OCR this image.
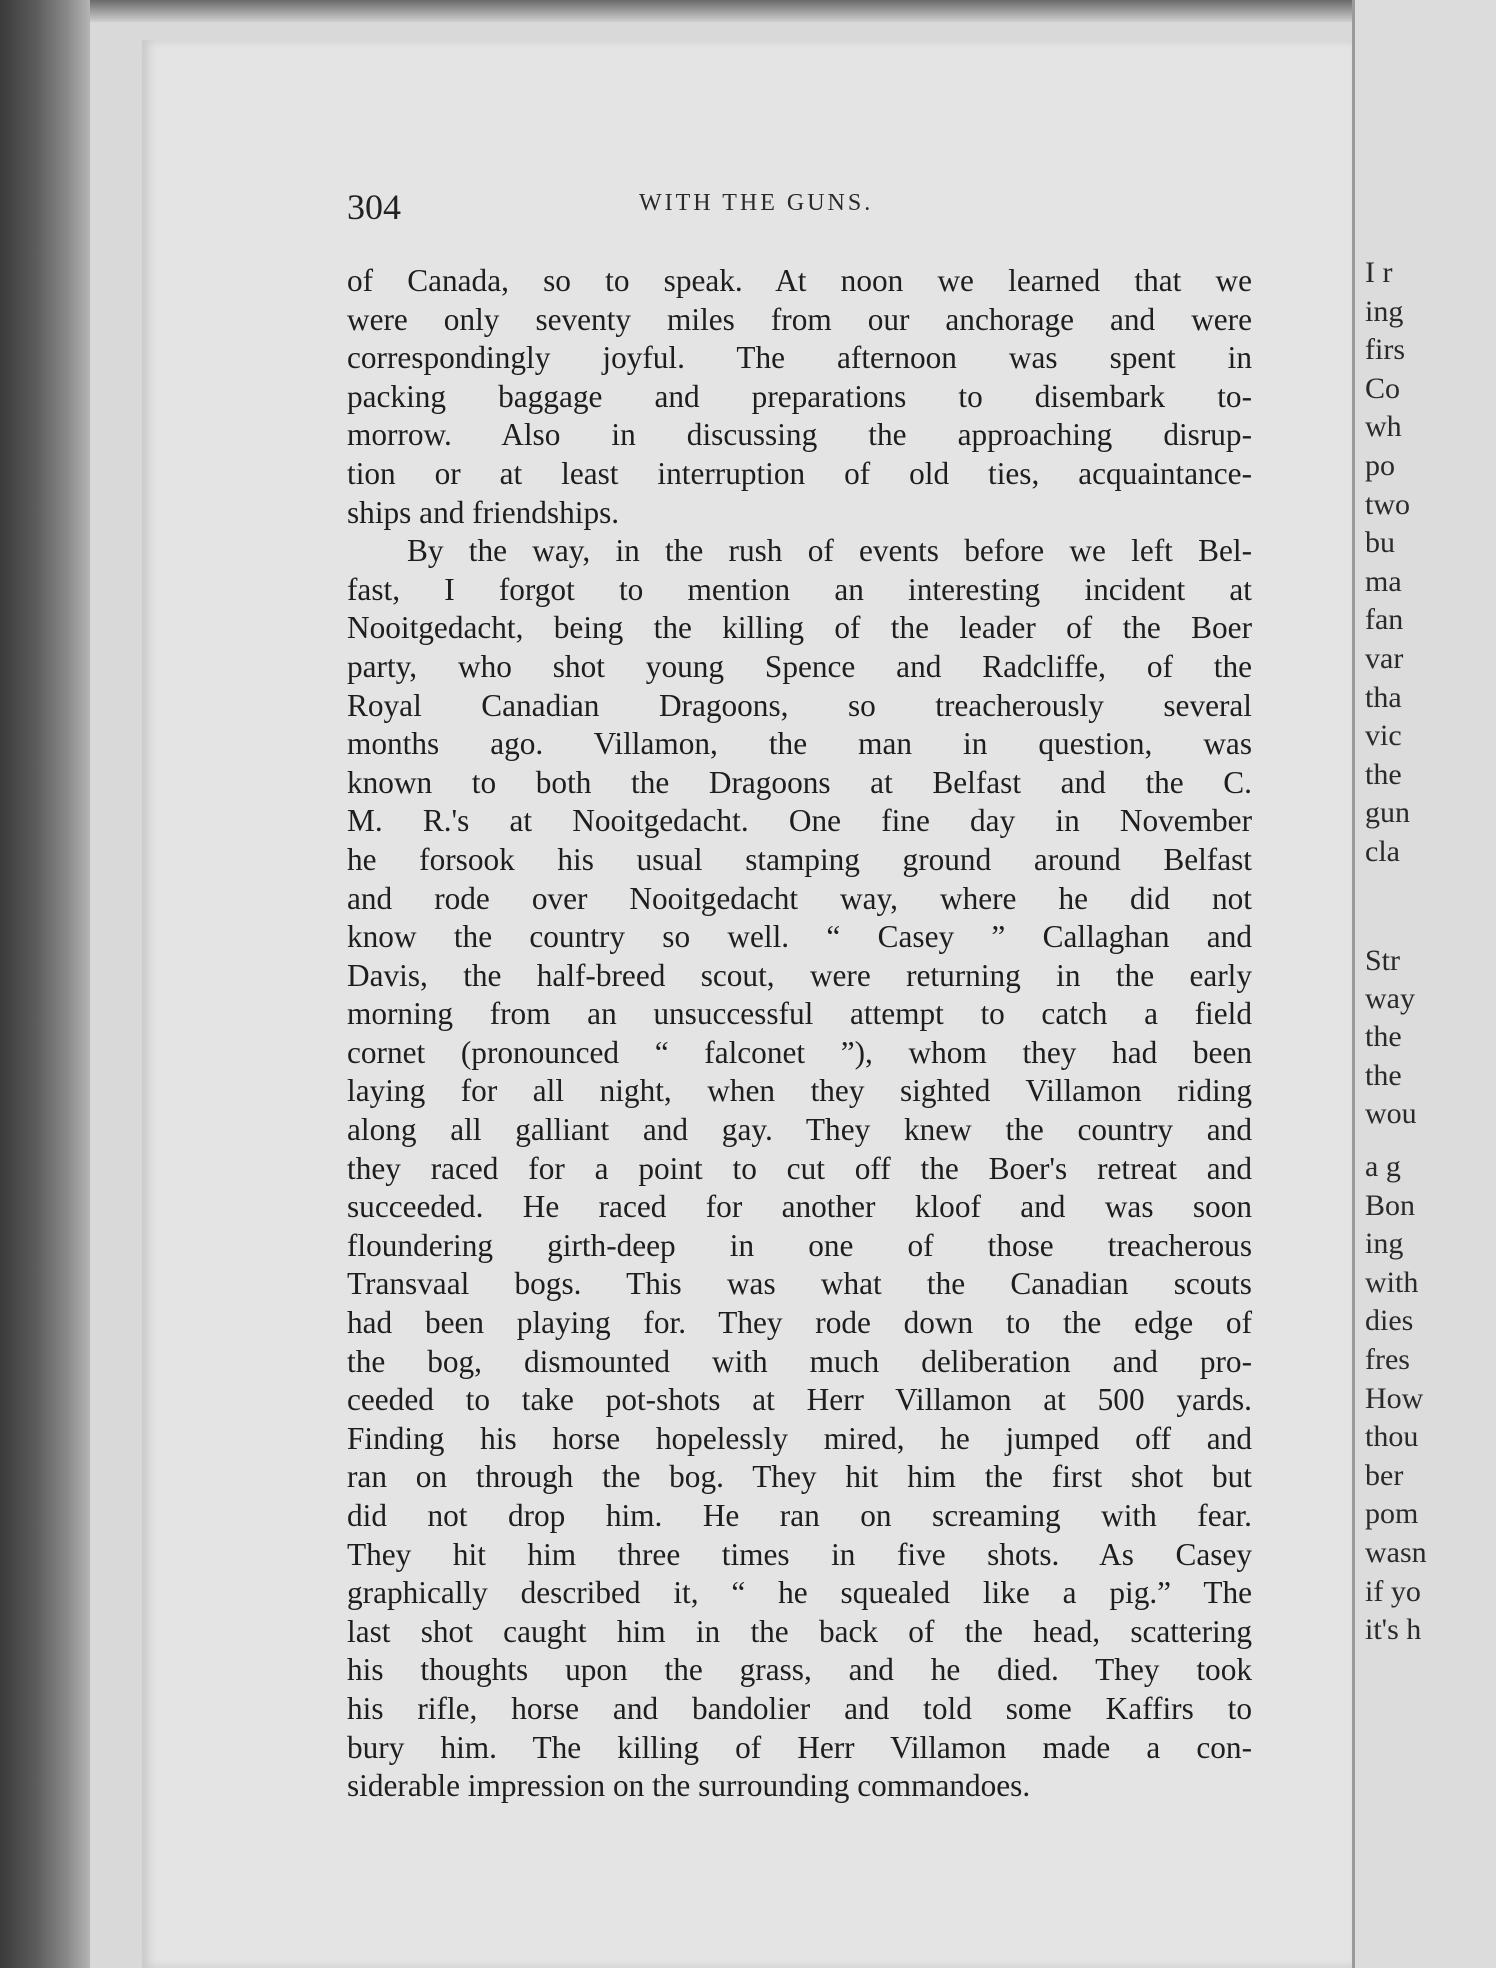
304	WITH THE GUNS.
of Canada, so to speak. At noon we learned that we
were only seventy miles from our anchorage and were
correspondingly joyful. The afternoon was spent in
packing baggage and preparations to disembark to-
morrow. Also in discussing the approaching disrup-
tion or at least interruption of old ties, acquaintance-
ships and friendships.
By the way, in the rush of events before we left Bel-
fast, I forgot to mention an interesting incident at
Nooitgedacht, being the killing of the leader of the Boer
party, who shot young Spence and Radcliffe, of the
Royal Canadian Dragoons, so treacherously several
months ago. Villamon, the man in question, was
known to both the Dragoons at Belfast and the C.
M. R.'s at Nooitgedacht. One fine day in November
he forsook his usual stamping ground around Belfast
and rode over Nooitgedacht way, where he did not
know the country so well. “ Casey ” Callaghan and
Davis, the half-breed scout, were returning in the early
morning from an unsuccessful attempt to catch a field
cornet (pronounced “ falconet ”), whom they had been
laying for all night, when they sighted Villamon riding
along all galliant and gay. They knew the country and
they raced for a point to cut off the Boer's retreat and
succeeded. He raced for another kloof and was soon
floundering girth-deep in one of those treacherous
Transvaal bogs. This was what the Canadian scouts
had been playing for. They rode down to the edge of
the bog, dismounted with much deliberation and pro-
ceeded to take pot-shots at Herr Villamon at 500 yards.
Finding his horse hopelessly mired, he jumped off and
ran on through the bog. They hit him the first shot but
did not drop him. He ran on screaming with fear.
They hit him three times in five shots. As Casey
graphically described it, “ he squealed like a pig.” The
last shot caught him in the back of the head, scattering
his thoughts upon the grass, and he died. They took
his rifle, horse and bandolier and told some Kaffirs to
bury him. The killing of Herr Villamon made a con-
siderable impression on the surrounding commandoes.
I r
ing
firs
Co
wh
po
two
bu
ma
fan
var
tha
vic
the
gun
cla
Str
way
the
the
wou
a g
Bon
ing
with
dies
fres
How
thou
ber
pom
wasn
if yo
it's h
